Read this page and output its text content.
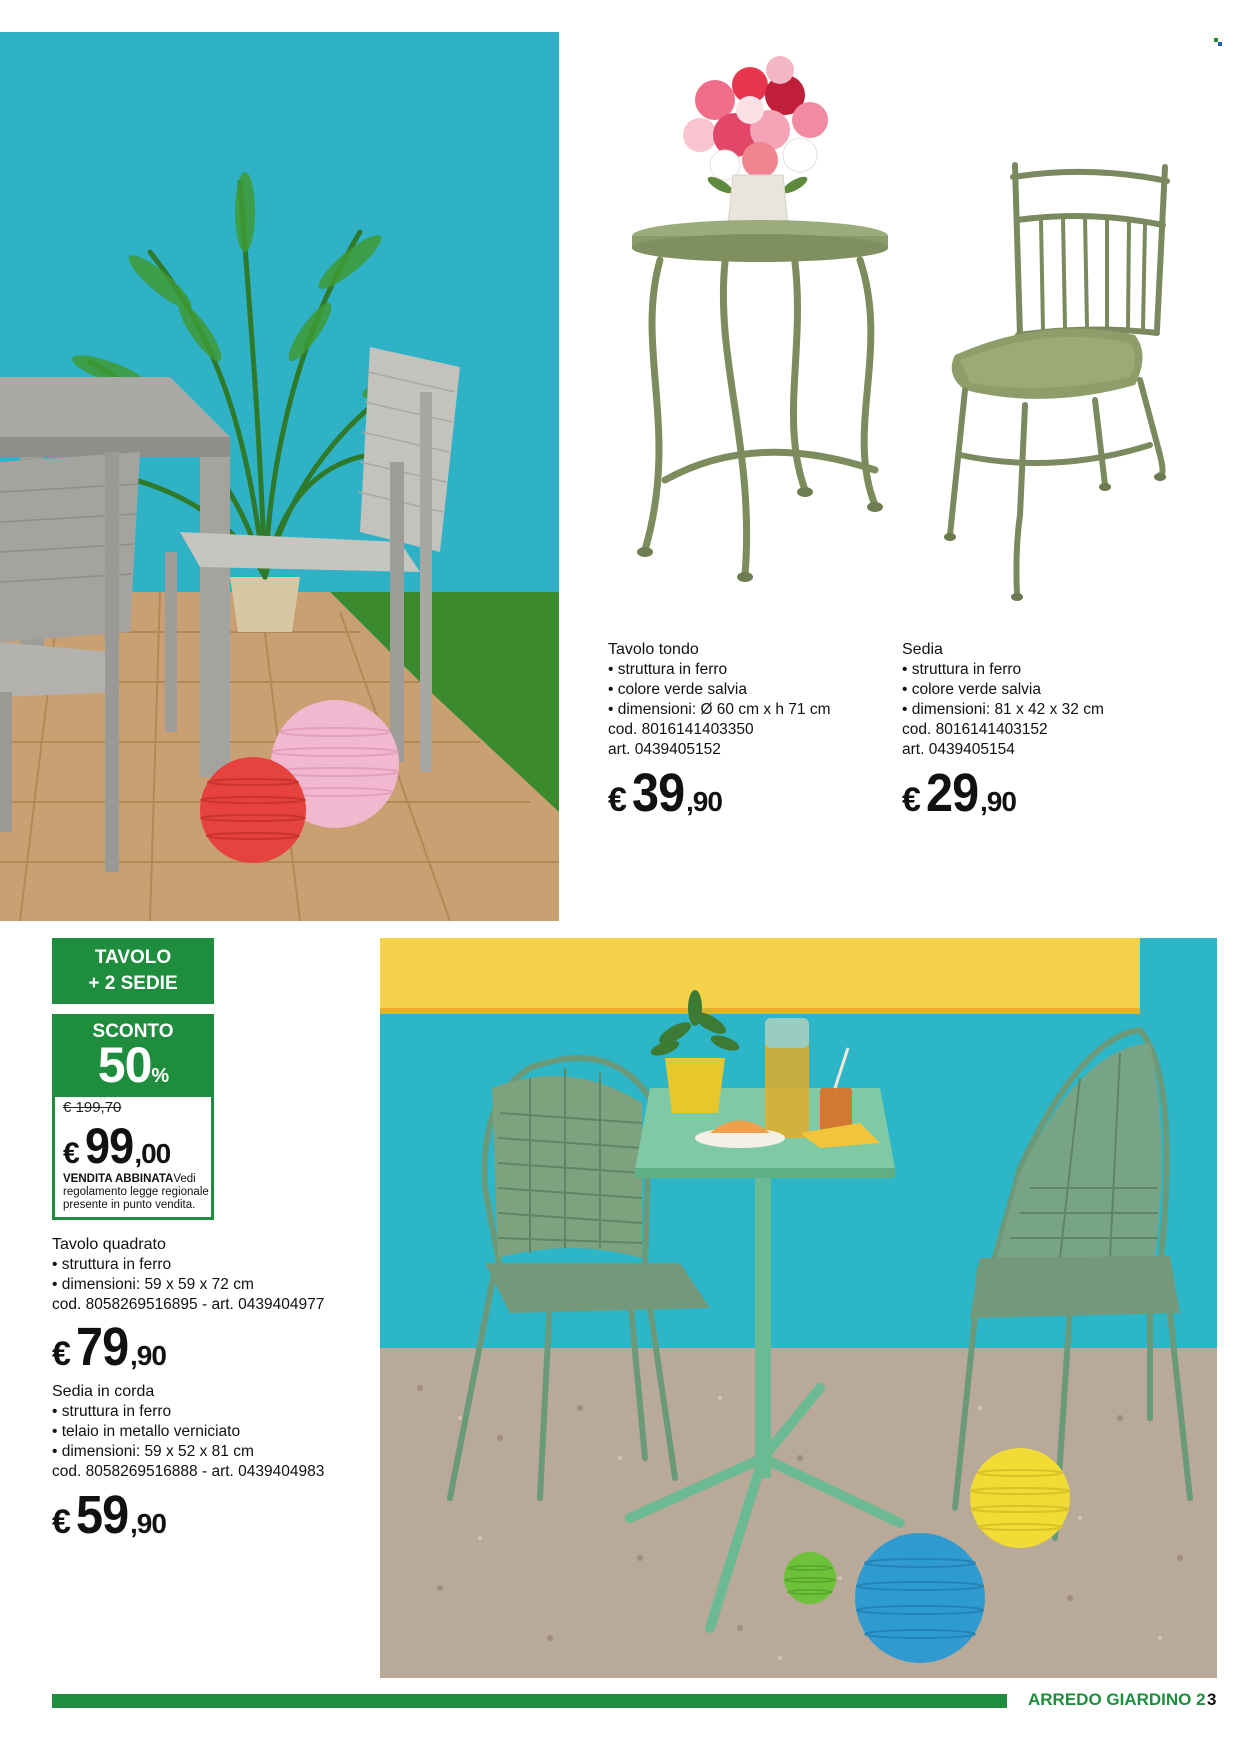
Tavolo tondo
• struttura in ferro
• colore verde salvia
• dimensioni: Ø 60 cm x h 71 cm
cod. 8016141403350
art. 0439405152
€ 39 ,90
Sedia
• struttura in ferro
• colore verde salvia
• dimensioni: 81 x 42 x 32 cm
cod. 8016141403152
art. 0439405154
€ 29 ,90
TAVOLO
+ 2 SEDIE
SCONTO
50%
€ 199,70
€ 99 ,00
VENDITA ABBINATAVedi regolamento legge regionale presente in punto vendita.
Tavolo quadrato
• struttura in ferro
• dimensioni: 59 x 59 x 72 cm
cod. 8058269516895 - art. 0439404977
€ 79 ,90
Sedia in corda
• struttura in ferro
• telaio in metallo verniciato
• dimensioni: 59 x 52 x 81 cm
cod. 8058269516888 - art. 0439404983
€ 59 ,90
ARREDO GIARDINO 2 3
